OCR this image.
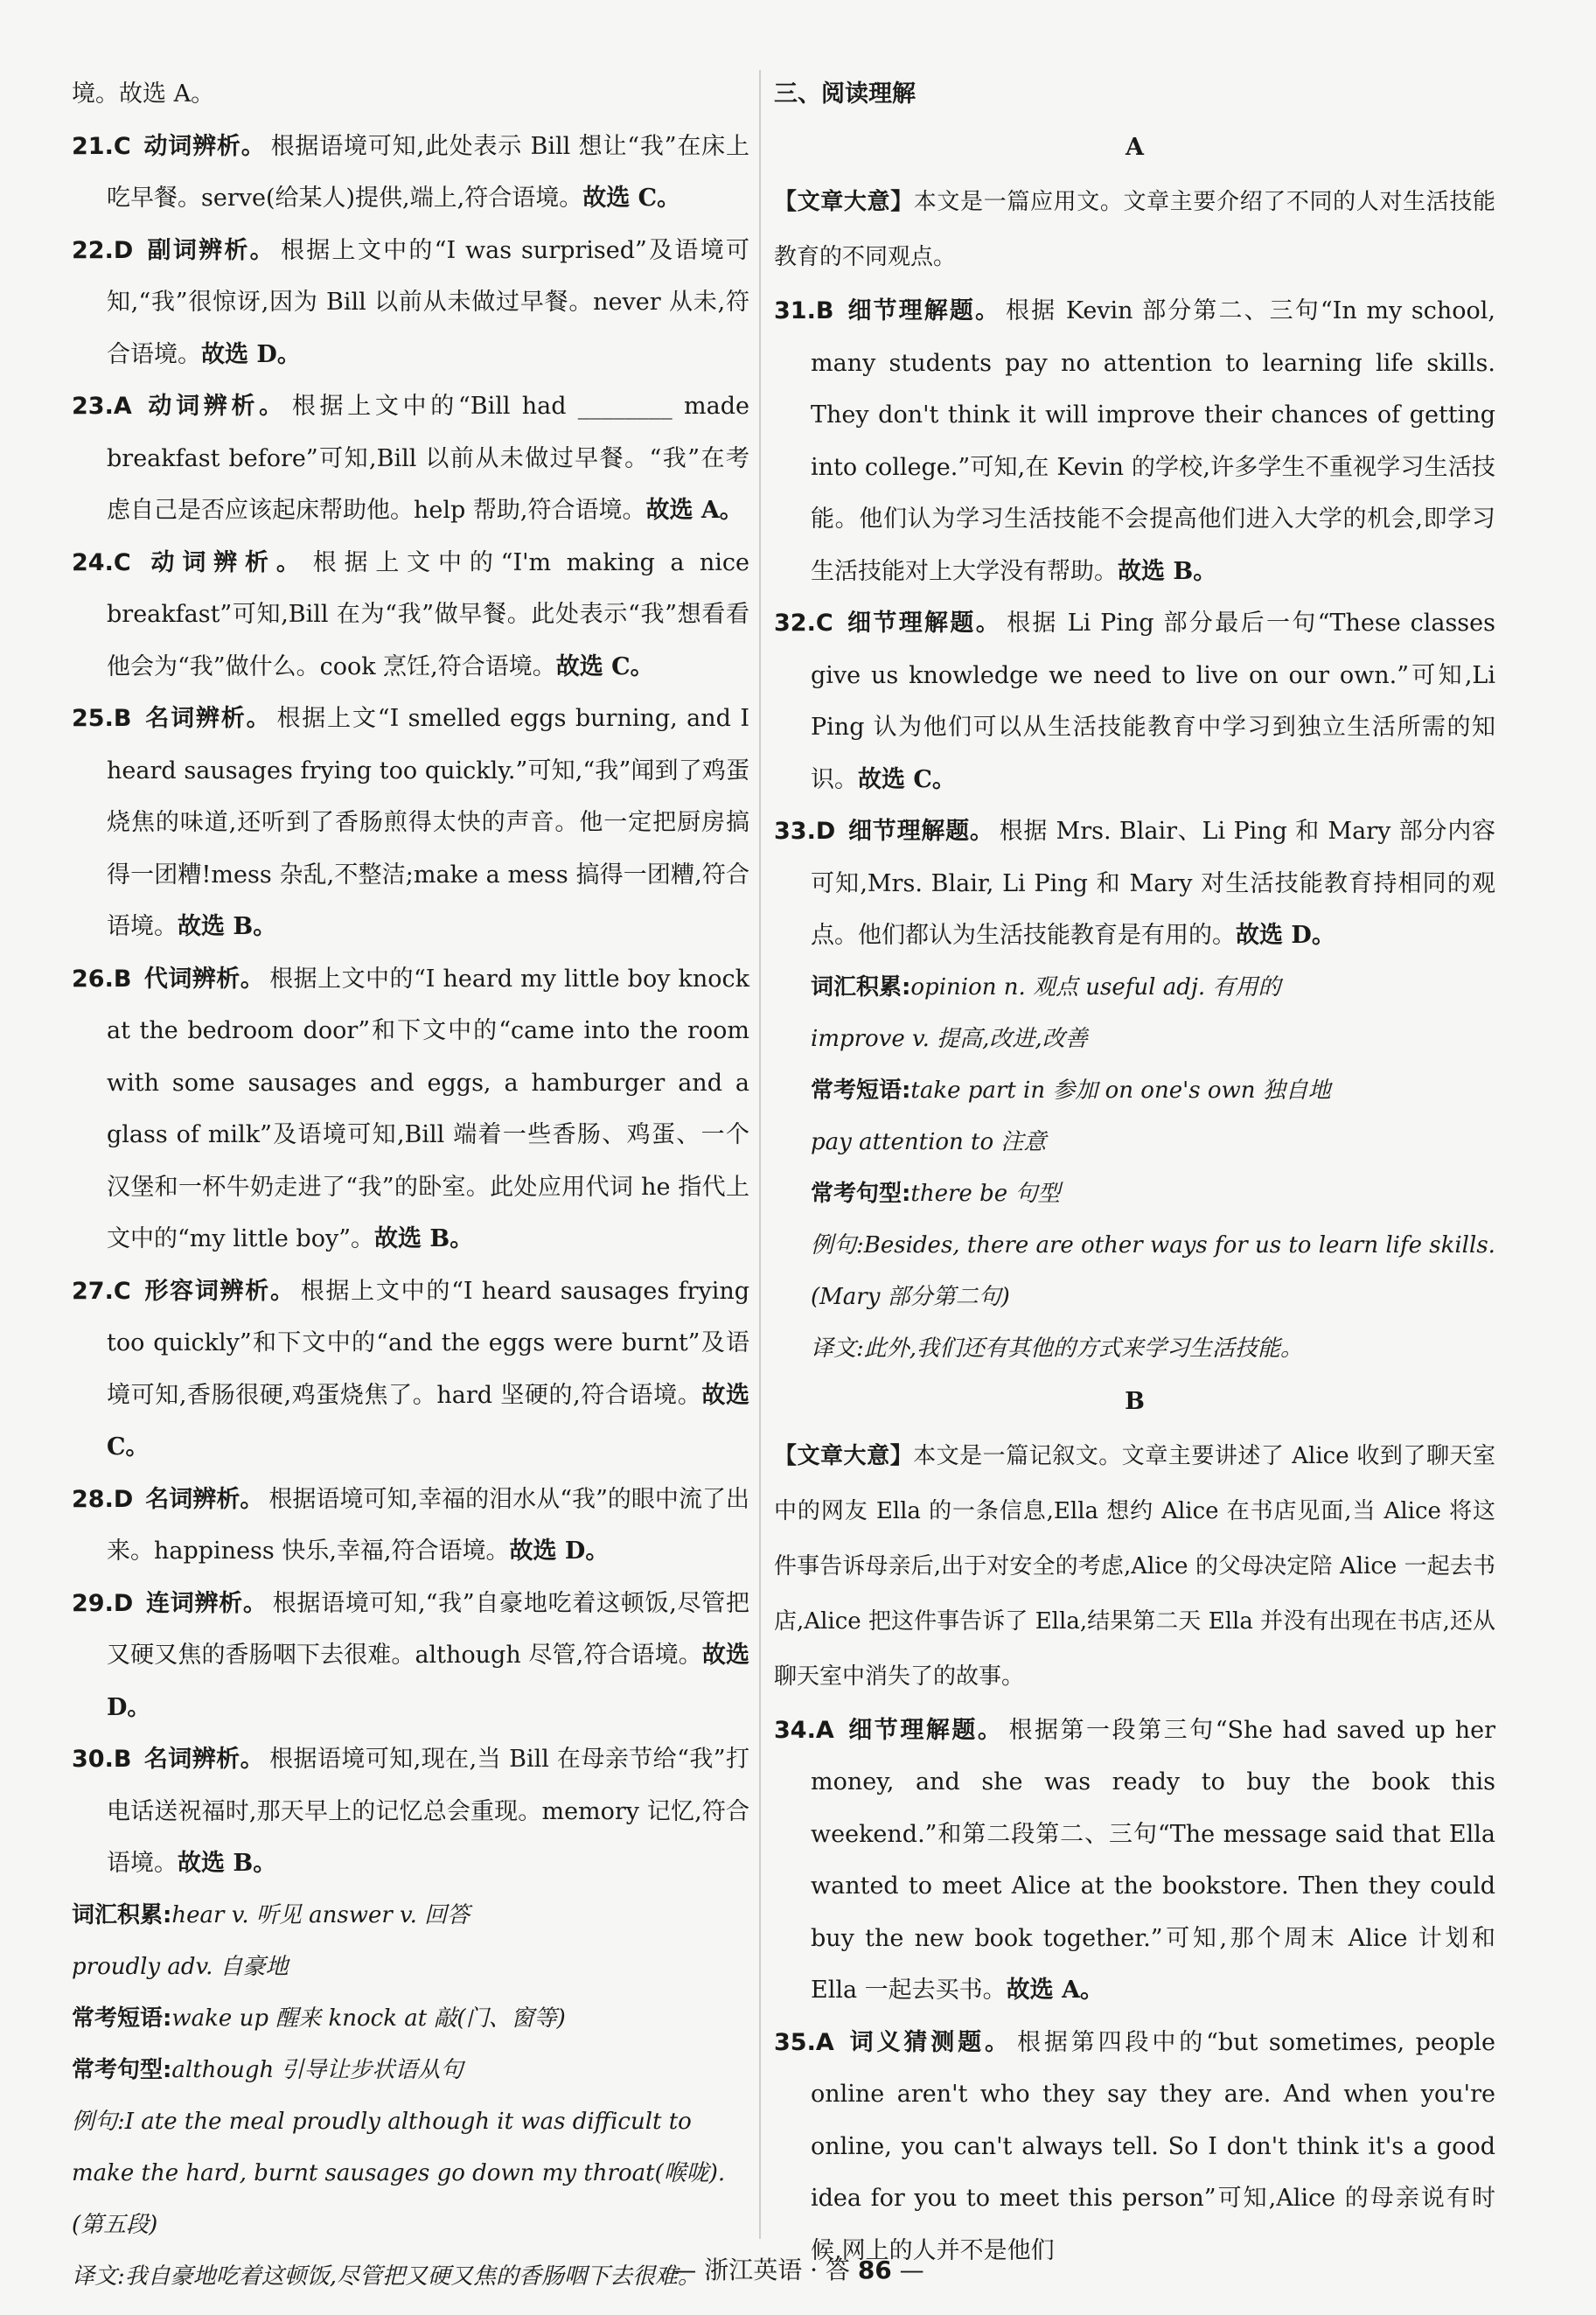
境。故选 A。
21.C 动词辨析。 根据语境可知,此处表示 Bill 想让“我”在床上吃早餐。serve(给某人)提供,端上,符合语境。故选 C。
22.D 副词辨析。 根据上文中的“I was surprised”及语境可知,“我”很惊讶,因为 Bill 以前从未做过早餐。never 从未,符合语境。故选 D。
23.A 动词辨析。 根据上文中的“Bill had ________ made breakfast before”可知,Bill 以前从未做过早餐。“我”在考虑自己是否应该起床帮助他。help 帮助,符合语境。故选 A。
24.C 动词辨析。 根据上文中的“I'm making a nice breakfast”可知,Bill 在为“我”做早餐。此处表示“我”想看看他会为“我”做什么。cook 烹饪,符合语境。故选 C。
25.B 名词辨析。 根据上文“I smelled eggs burning, and I heard sausages frying too quickly.”可知,“我”闻到了鸡蛋烧焦的味道,还听到了香肠煎得太快的声音。他一定把厨房搞得一团糟!mess 杂乱,不整洁;make a mess 搞得一团糟,符合语境。故选 B。
26.B 代词辨析。 根据上文中的“I heard my little boy knock at the bedroom door”和下文中的“came into the room with some sausages and eggs, a hamburger and a glass of milk”及语境可知,Bill 端着一些香肠、鸡蛋、一个汉堡和一杯牛奶走进了“我”的卧室。此处应用代词 he 指代上文中的“my little boy”。故选 B。
27.C 形容词辨析。 根据上文中的“I heard sausages frying too quickly”和下文中的“and the eggs were burnt”及语境可知,香肠很硬,鸡蛋烧焦了。hard 坚硬的,符合语境。故选 C。
28.D 名词辨析。 根据语境可知,幸福的泪水从“我”的眼中流了出来。happiness 快乐,幸福,符合语境。故选 D。
29.D 连词辨析。 根据语境可知,“我”自豪地吃着这顿饭,尽管把又硬又焦的香肠咽下去很难。although 尽管,符合语境。故选 D。
30.B 名词辨析。 根据语境可知,现在,当 Bill 在母亲节给“我”打电话送祝福时,那天早上的记忆总会重现。memory 记忆,符合语境。故选 B。
词汇积累:hear v. 听见 answer v. 回答
proudly adv. 自豪地
常考短语:wake up 醒来 knock at 敲(门、窗等)
常考句型:although 引导让步状语从句
例句:I ate the meal proudly although it was difficult to make the hard, burnt sausages go down my throat(喉咙).(第五段)
译文:我自豪地吃着这顿饭,尽管把又硬又焦的香肠咽下去很难。
三、阅读理解
A
【文章大意】本文是一篇应用文。文章主要介绍了不同的人对生活技能教育的不同观点。
31.B 细节理解题。 根据 Kevin 部分第二、三句“In my school, many students pay no attention to learning life skills. They don't think it will improve their chances of getting into college.”可知,在 Kevin 的学校,许多学生不重视学习生活技能。他们认为学习生活技能不会提高他们进入大学的机会,即学习生活技能对上大学没有帮助。故选 B。
32.C 细节理解题。 根据 Li Ping 部分最后一句“These classes give us knowledge we need to live on our own.”可知,Li Ping 认为他们可以从生活技能教育中学习到独立生活所需的知识。故选 C。
33.D 细节理解题。 根据 Mrs. Blair、Li Ping 和 Mary 部分内容可知,Mrs. Blair, Li Ping 和 Mary 对生活技能教育持相同的观点。他们都认为生活技能教育是有用的。故选 D。
词汇积累:opinion n. 观点 useful adj. 有用的
improve v. 提高,改进,改善
常考短语:take part in 参加 on one's own 独自地
pay attention to 注意
常考句型:there be 句型
例句:Besides, there are other ways for us to learn life skills.(Mary 部分第二句)
译文:此外,我们还有其他的方式来学习生活技能。
B
【文章大意】本文是一篇记叙文。文章主要讲述了 Alice 收到了聊天室中的网友 Ella 的一条信息,Ella 想约 Alice 在书店见面,当 Alice 将这件事告诉母亲后,出于对安全的考虑,Alice 的父母决定陪 Alice 一起去书店,Alice 把这件事告诉了 Ella,结果第二天 Ella 并没有出现在书店,还从聊天室中消失了的故事。
34.A 细节理解题。 根据第一段第三句“She had saved up her money, and she was ready to buy the book this weekend.”和第二段第二、三句“The message said that Ella wanted to meet Alice at the bookstore. Then they could buy the new book together.”可知,那个周末 Alice 计划和 Ella 一起去买书。故选 A。
35.A 词义猜测题。 根据第四段中的“but sometimes, people online aren't who they say they are. And when you're online, you can't always tell. So I don't think it's a good idea for you to meet this person”可知,Alice 的母亲说有时候,网上的人并不是他们
— 浙江英语 · 答 86 —
